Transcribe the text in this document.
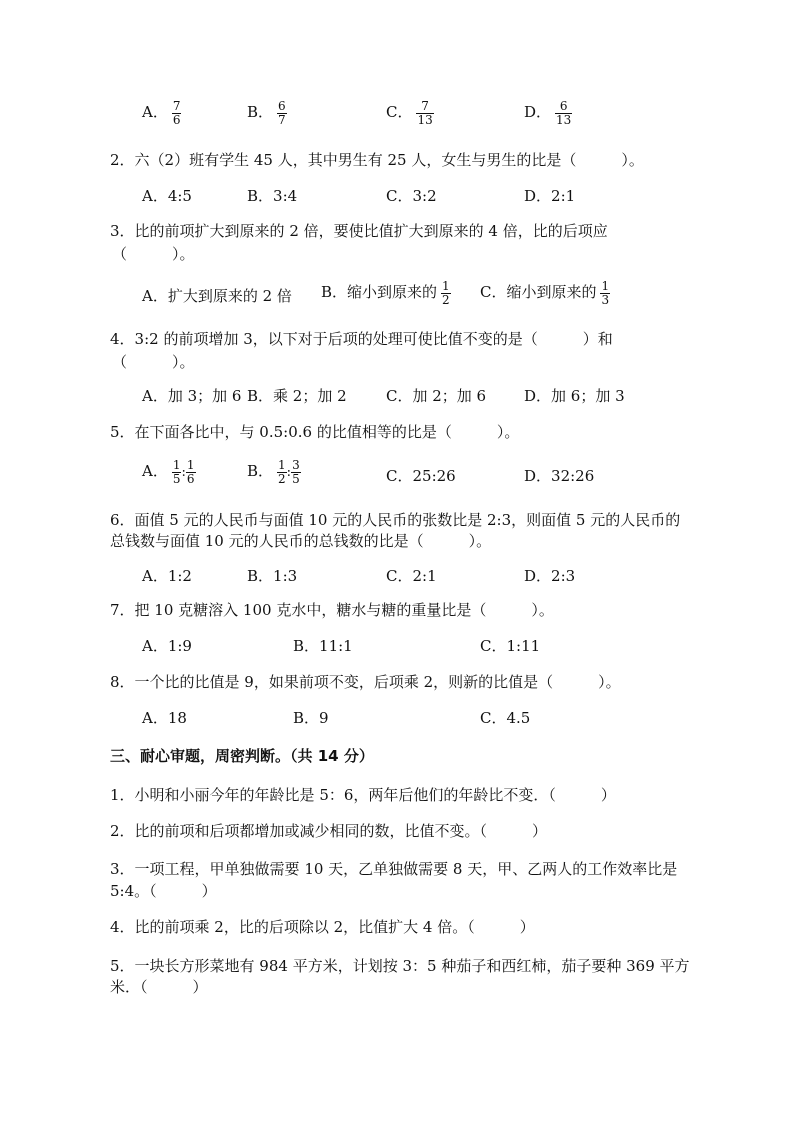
A． $\frac{7}{6}$	B． $\frac{6}{7}$	C． $\frac{7}{13}$	D． $\frac{6}{13}$
2．六（2）班有学生 45 人，其中男生有 25 人，女生与男生的比是（　　　）。
A．4:5	B．3:4	C．3:2	D．2:1
3．比的前项扩大到原来的 2 倍，要使比值扩大到原来的 4 倍，比的后项应
（　　　）。
A．扩大到原来的 2 倍 B．缩小到原来的 $\frac{1}{2}$ C．缩小到原来的 $\frac{1}{3}$
4．3:2 的前项增加 3，以下对于后项的处理可使比值不变的是（　　　）和
（　　　）。
A．加 3；加 6 B．乘 2；加 2	C．加 2；加 6	D．加 6；加 3
5．在下面各比中，与 0.5:0.6 的比值相等的比是（　　　）。
A． $\frac{1}{5}$ : $\frac{1}{6}$	B． $\frac{1}{2}$ : $\frac{3}{5}$	C．25:26	D．32:26
6．面值 5 元的人民币与面值 10 元的人民币的张数比是 2:3，则面值 5 元的人民币的
总钱数与面值 10 元的人民币的总钱数的比是（　　　）。
A．1:2	B．1:3	C．2:1	D．2:3
7．把 10 克糖溶入 100 克水中，糖水与糖的重量比是（　　　）。
A．1:9	B．11:1	C．1:11
8．一个比的比值是 9，如果前项不变，后项乘 2，则新的比值是（　　　）。
A．18	B．9	C．4.5
三、耐心审题，周密判断。（共 14 分）
1．小明和小丽今年的年龄比是 5：6，两年后他们的年龄比不变．（　　　）
2．比的前项和后项都增加或减少相同的数，比值不变。（　　　）
3．一项工程，甲单独做需要 10 天，乙单独做需要 8 天，甲、乙两人的工作效率比是
5:4。（　　　）
4．比的前项乘 2，比的后项除以 2，比值扩大 4 倍。（　　　）
5．一块长方形菜地有 984 平方米，计划按 3：5 种茄子和西红柿，茄子要种 369 平方
米．（　　　）
